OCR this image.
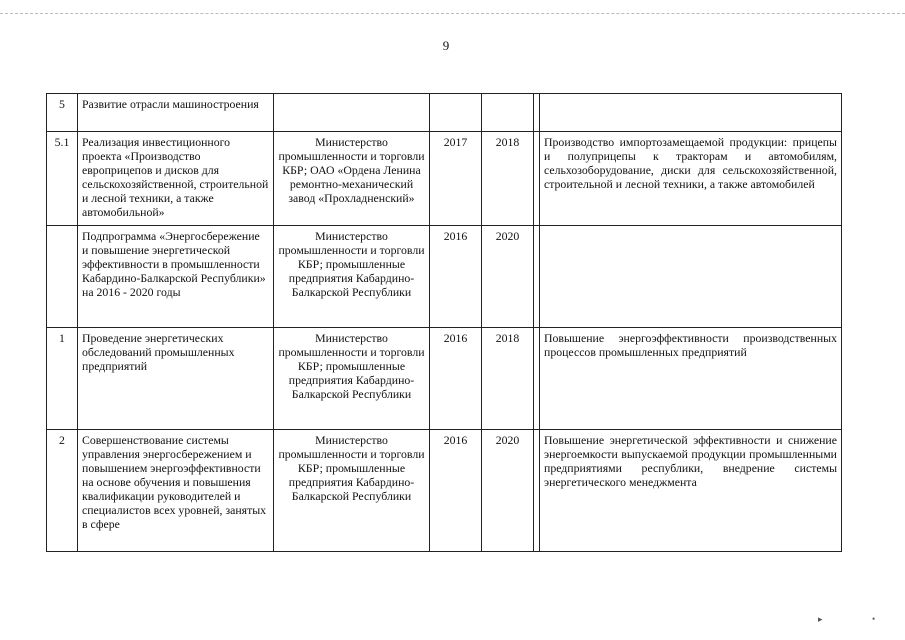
9
5	Развитие отрасли машиностроения					
5.1	Реализация инвестиционного проекта «Производство европрицепов и дисков для сельскохозяйственной, строительной и лесной техники, а также автомобильной»	Министерство промышленности и торговли КБР; ОАО «Ордена Ленина ремонтно-механический завод «Прохладненский»	2017	2018		Производство импортозамещаемой продукции: прицепы и полуприцепы к тракторам и автомобилям, сельхозоборудование, диски для сельскохозяйственной, строительной и лесной техники, а также автомобилей
	Подпрограмма «Энергосбережение и повышение энергетической эффективности в промышленности Кабардино-Балкарской Республики» на 2016 - 2020 годы	Министерство промышленности и торговли КБР; промышленные предприятия Кабардино-Балкарской Республики	2016	2020		
1	Проведение энергетических обследований промышленных предприятий	Министерство промышленности и торговли КБР; промышленные предприятия Кабардино-Балкарской Республики	2016	2018		Повышение энергоэффективности производственных процессов промышленных предприятий
2	Совершенствование системы управления энергосбережением и повышением энергоэффективности на основе обучения и повышения квалификации руководителей и специалистов всех уровней, занятых в сфере	Министерство промышленности и торговли КБР; промышленные предприятия Кабардино-Балкарской Республики	2016	2020		Повышение энергетической эффективности и снижение энергоемкости выпускаемой продукции промышленными предприятиями республики, внедрение системы энергетического менеджмента
▸	•
